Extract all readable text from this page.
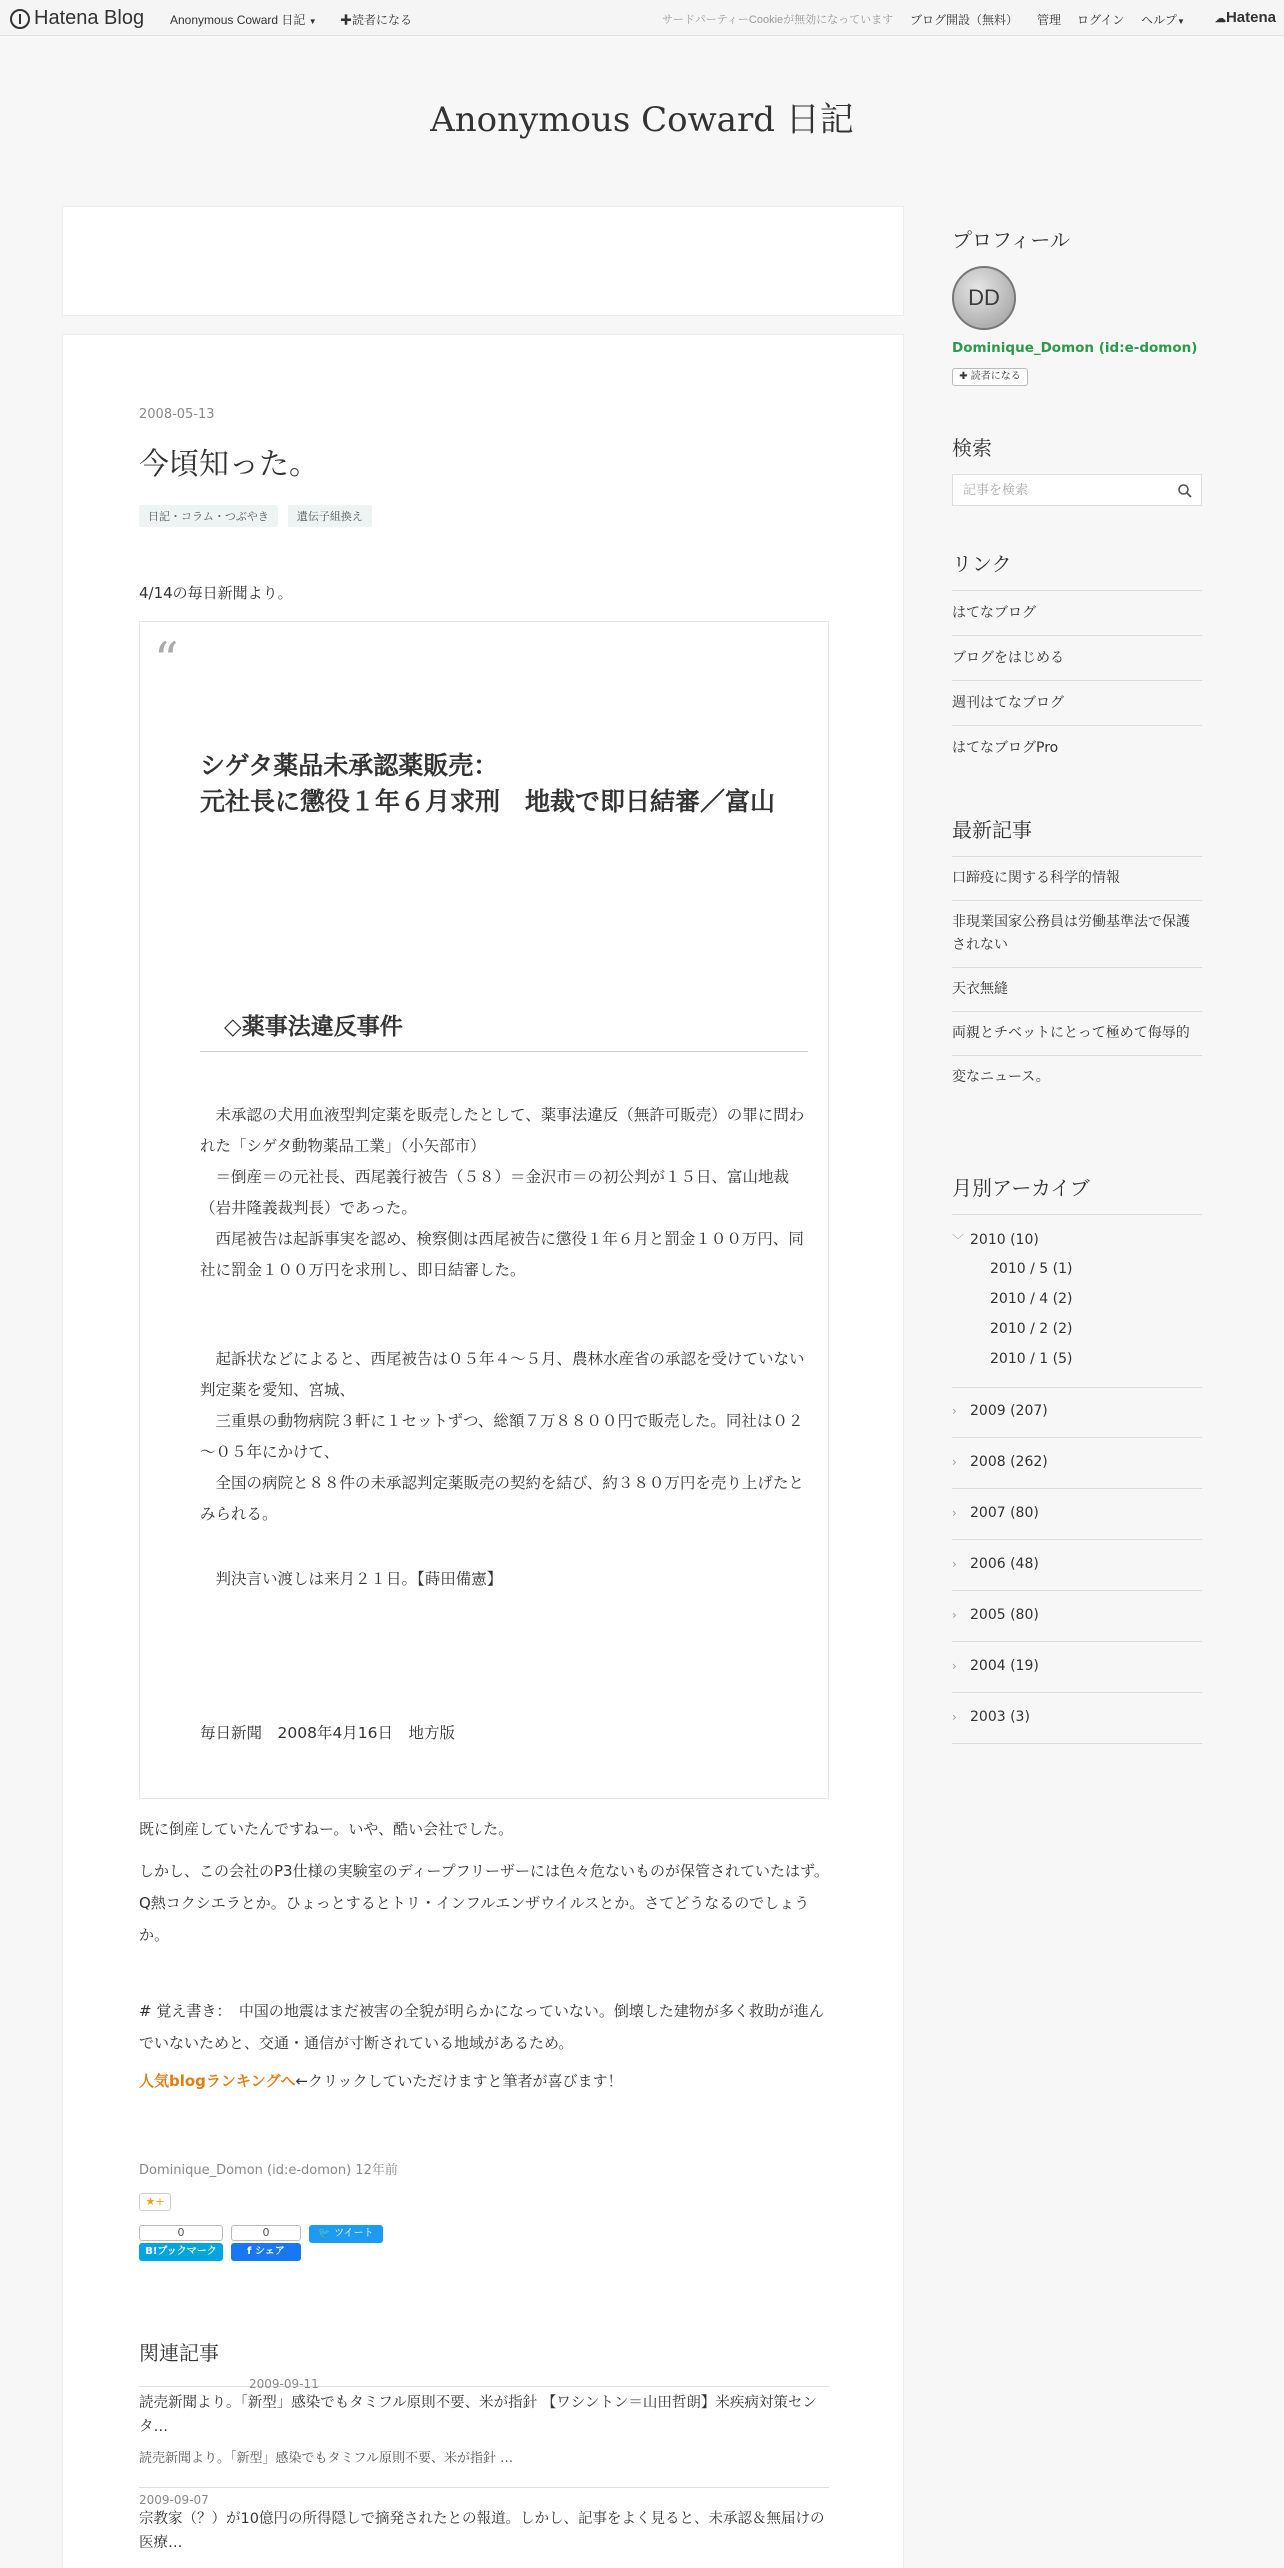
Hatena Blog Anonymous Coward 日記 ▼ ✚読者になる	サードパーティーCookieが無効になっています ブログ開設（無料） 管理 ログイン ヘルプ▼	☁Hatena
Anonymous Coward 日記
2008-05-13
今頃知った。
日記・コラム・つぶやき	遺伝子組換え

4/14の毎日新聞より。

“
シゲタ薬品未承認薬販売：
元社長に懲役１年６月求刑　地裁で即日結審／富山
◇薬事法違反事件
　未承認の犬用血液型判定薬を販売したとして、薬事法違反（無許可販売）の罪に問われた「シゲタ動物薬品工業」（小矢部市）
　＝倒産＝の元社長、西尾義行被告（５８）＝金沢市＝の初公判が１５日、富山地裁（岩井隆義裁判長）であった。
　西尾被告は起訴事実を認め、検察側は西尾被告に懲役１年６月と罰金１００万円、同社に罰金１００万円を求刑し、即日結審した。
　起訴状などによると、西尾被告は０５年４～５月、農林水産省の承認を受けていない判定薬を愛知、宮城、
　三重県の動物病院３軒に１セットずつ、総額７万８８００円で販売した。同社は０２～０５年にかけて、
　全国の病院と８８件の未承認判定薬販売の契約を結び、約３８０万円を売り上げたとみられる。
　判決言い渡しは来月２１日。【蒔田備憲】
毎日新聞　2008年4月16日　地方版

既に倒産していたんですねー。いや、酷い会社でした。

しかし、この会社のP3仕様の実験室のディープフリーザーには色々危ないものが保管されていたはず。
Q熱コクシエラとか。ひょっとするとトリ・インフルエンザウイルスとか。さてどうなるのでしょうか。

# 覚え書き：　中国の地震はまだ被害の全貌が明らかになっていない。倒壊した建物が多く救助が進んでいないためと、交通・通信が寸断されている地域があるため。

人気blogランキングへ←クリックしていただけますと筆者が喜びます！

Dominique_Domon (id:e-domon) 12年前
★+
0
B!ブックマーク
0
f シェア
🐦 ツイート
関連記事
2009-09-11
読売新聞より。「新型」感染でもタミフル原則不要、米が指針 【ワシントン＝山田哲朗】米疾病対策センタ…
読売新聞より。「新型」感染でもタミフル原則不要、米が指針 …
2009-09-07
宗教家（？）が10億円の所得隠しで摘発されたとの報道。しかし、記事をよく見ると、未承認＆無届けの医療…
プロフィール
DD
Dominique_Domon (id:e-domon)
✚ 読者になる
検索
記事を検索
リンク
はてなブログ
ブログをはじめる
週刊はてなブログ
はてなブログPro
最新記事
口蹄疫に関する科学的情報
非現業国家公務員は労働基準法で保護されない
天衣無縫
両親とチベットにとって極めて侮辱的
変なニュース。
月別アーカイブ
﹀ 2010 (10)
2010 / 5 (1)
2010 / 4 (2)
2010 / 2 (2)
2010 / 1 (5)
› 2009 (207)
› 2008 (262)
› 2007 (80)
› 2006 (48)
› 2005 (80)
› 2004 (19)
› 2003 (3)
